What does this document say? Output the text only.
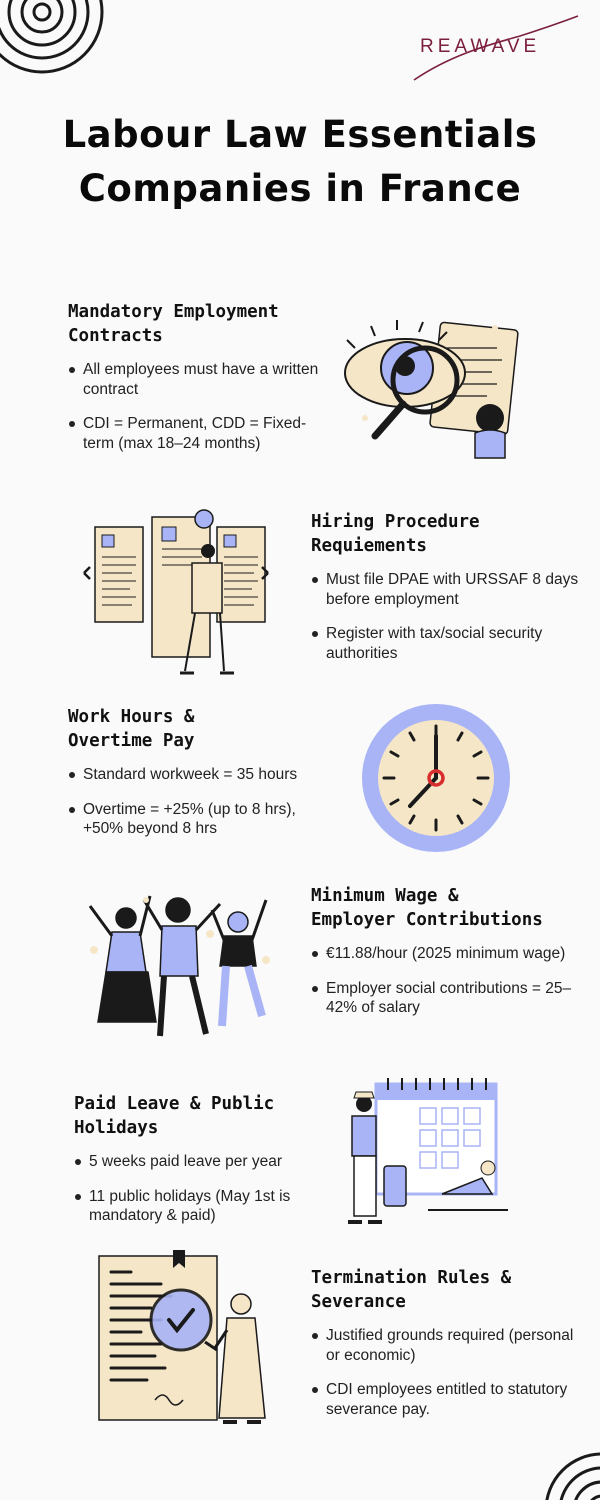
REAWAVE
Labour Law Essentials
Companies in France
Mandatory Employment
Contracts
All employees must have a written contract
CDI = Permanent, CDD = Fixed-term (max 18–24 months)
Hiring Procedure
Requiements
Must file DPAE with URSSAF 8 days before employment
Register with tax/social security authorities
Work Hours &
Overtime Pay
Standard workweek = 35 hours
Overtime = +25% (up to 8 hrs), +50% beyond 8 hrs
Minimum Wage &
Employer Contributions
€11.88/hour (2025 minimum wage)
Employer social contributions = 25–42% of salary
Paid Leave & Public
Holidays
5 weeks paid leave per year
11 public holidays (May 1st is mandatory & paid)
Termination Rules &
Severance
Justified grounds required (personal or economic)
CDI employees entitled to statutory severance pay.
